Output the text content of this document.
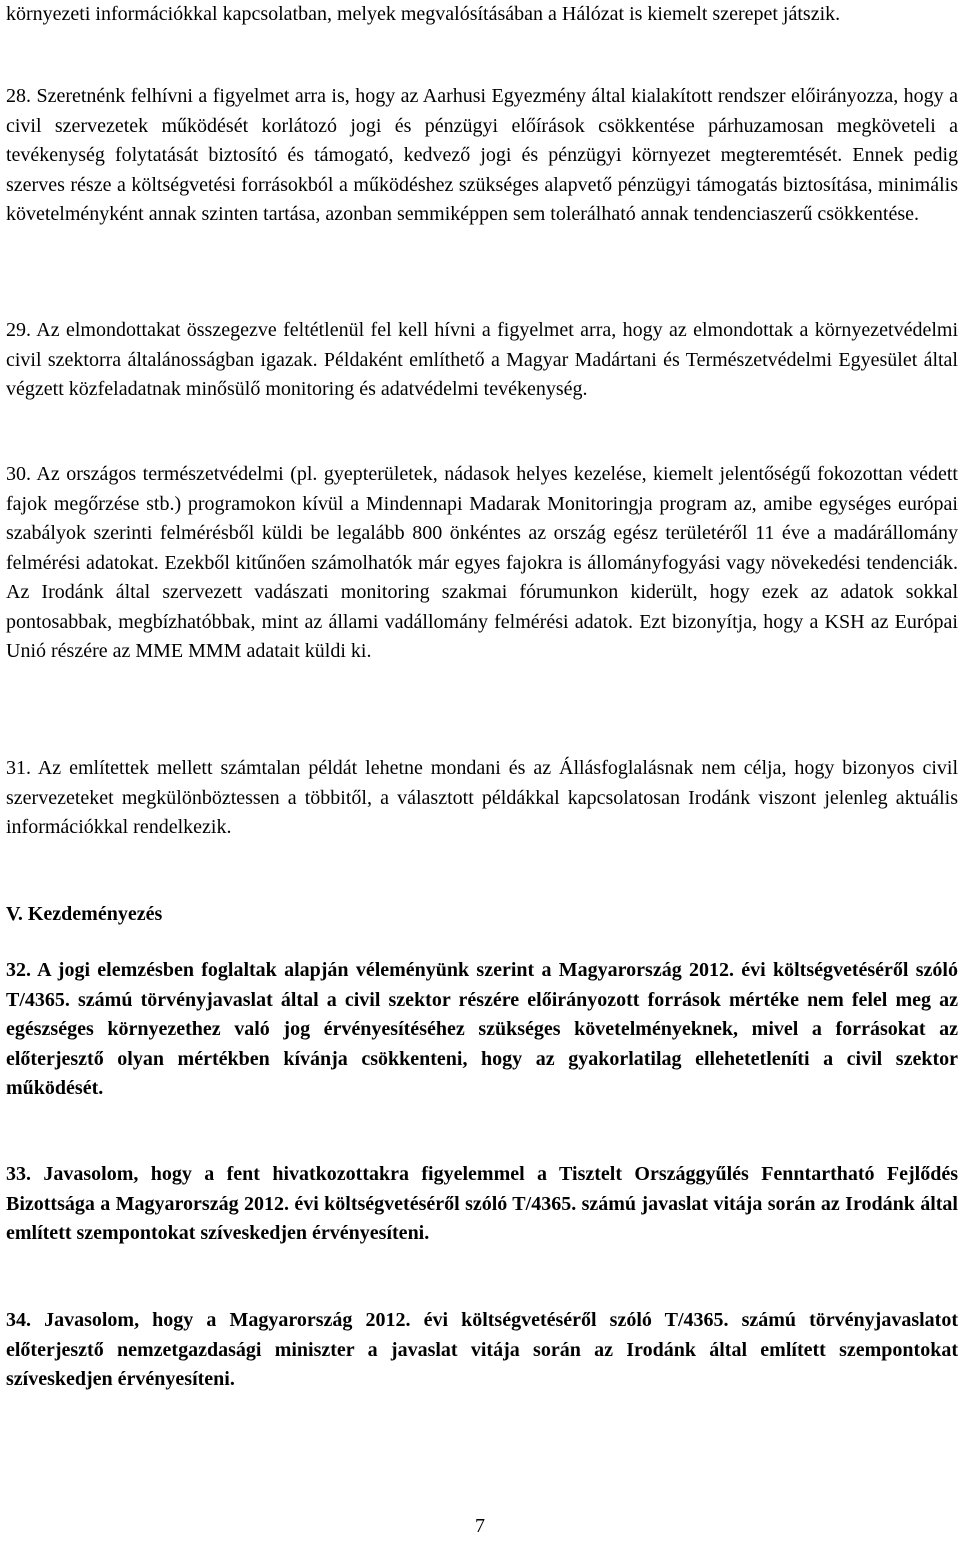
környezeti információkkal kapcsolatban, melyek megvalósításában a Hálózat is kiemelt szerepet játszik.

28. Szeretnénk felhívni a figyelmet arra is, hogy az Aarhusi Egyezmény által kialakított rendszer előirányozza, hogy a civil szervezetek működését korlátozó jogi és pénzügyi előírások csökkentése párhuzamosan megköveteli a tevékenység folytatását biztosító és támogató, kedvező jogi és pénzügyi környezet megteremtését. Ennek pedig szerves része a költségvetési forrásokból a működéshez szükséges alapvető pénzügyi támogatás biztosítása, minimális követelményként annak szinten tartása, azonban semmiképpen sem tolerálható annak tendenciaszerű csökkentése.

29. Az elmondottakat összegezve feltétlenül fel kell hívni a figyelmet arra, hogy az elmondottak a környezetvédelmi civil szektorra általánosságban igazak. Példaként említhető a Magyar Madártani és Természetvédelmi Egyesület által végzett közfeladatnak minősülő monitoring és adatvédelmi tevékenység.

30. Az országos természetvédelmi (pl. gyepterületek, nádasok helyes kezelése, kiemelt jelentőségű fokozottan védett fajok megőrzése stb.) programokon kívül a Mindennapi Madarak Monitoringja program az, amibe egységes európai szabályok szerinti felmérésből küldi be legalább 800 önkéntes az ország egész területéről 11 éve a madárállomány felmérési adatokat. Ezekből kitűnően számolhatók már egyes fajokra is állományfogyási vagy növekedési tendenciák. Az Irodánk által szervezett vadászati monitoring szakmai fórumunkon kiderült, hogy ezek az adatok sokkal pontosabbak, megbízhatóbbak, mint az állami vadállomány felmérési adatok. Ezt bizonyítja, hogy a KSH az Európai Unió részére az MME MMM adatait küldi ki.

31. Az említettek mellett számtalan példát lehetne mondani és az Állásfoglalásnak nem célja, hogy bizonyos civil szervezeteket megkülönböztessen a többitől, a választott példákkal kapcsolatosan Irodánk viszont jelenleg aktuális információkkal rendelkezik.

V. Kezdeményezés

32. A jogi elemzésben foglaltak alapján véleményünk szerint a Magyarország 2012. évi költségvetéséről szóló T/4365. számú törvényjavaslat által a civil szektor részére előirányozott források mértéke nem felel meg az egészséges környezethez való jog érvényesítéséhez szükséges követelményeknek, mivel a forrásokat az előterjesztő olyan mértékben kívánja csökkenteni, hogy az gyakorlatilag ellehetetleníti a civil szektor működését.

33. Javasolom, hogy a fent hivatkozottakra figyelemmel a Tisztelt Országgyűlés Fenntartható Fejlődés Bizottsága a Magyarország 2012. évi költségvetéséről szóló T/4365. számú javaslat vitája során az Irodánk által említett szempontokat szíveskedjen érvényesíteni.

34. Javasolom, hogy a Magyarország 2012. évi költségvetéséről szóló T/4365. számú törvényjavaslatot előterjesztő nemzetgazdasági miniszter a javaslat vitája során az Irodánk által említett szempontokat szíveskedjen érvényesíteni.

7
